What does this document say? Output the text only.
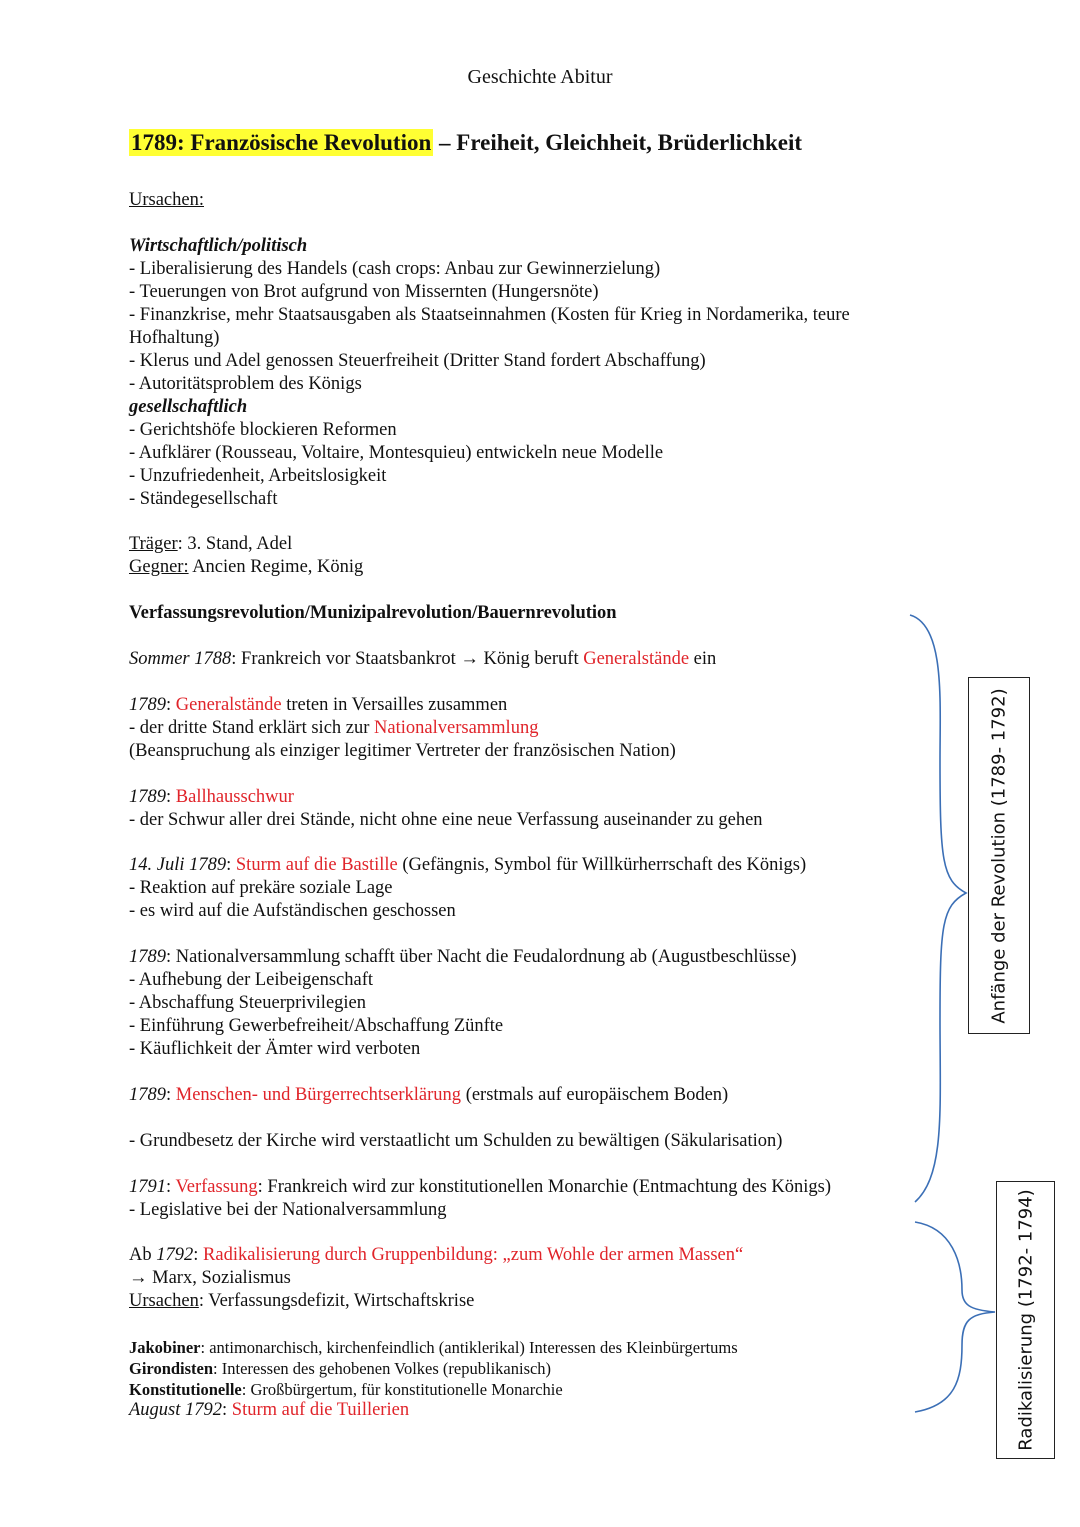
Geschichte Abitur
1789: Französische Revolution – Freiheit, Gleichheit, Brüderlichkeit
Ursachen:
Wirtschaftlich/politisch
- Liberalisierung des Handels (cash crops: Anbau zur Gewinnerzielung)
- Teuerungen von Brot aufgrund von Missernten (Hungersnöte)
- Finanzkrise, mehr Staatsausgaben als Staatseinnahmen (Kosten für Krieg in Nordamerika, teure
Hofhaltung)
- Klerus und Adel genossen Steuerfreiheit (Dritter Stand fordert Abschaffung)
- Autoritätsproblem des Königs
gesellschaftlich
- Gerichtshöfe blockieren Reformen
- Aufklärer (Rousseau, Voltaire, Montesquieu) entwickeln neue Modelle
- Unzufriedenheit, Arbeitslosigkeit
- Ständegesellschaft
Träger: 3. Stand, Adel
Gegner: Ancien Regime, König
Verfassungsrevolution/Munizipalrevolution/Bauernrevolution
Sommer 1788: Frankreich vor Staatsbankrot → König beruft Generalstände ein
1789: Generalstände treten in Versailles zusammen
- der dritte Stand erklärt sich zur Nationalversammlung
(Beanspruchung als einziger legitimer Vertreter der französischen Nation)
1789: Ballhausschwur
- der Schwur aller drei Stände, nicht ohne eine neue Verfassung auseinander zu gehen
14. Juli 1789: Sturm auf die Bastille (Gefängnis, Symbol für Willkürherrschaft des Königs)
- Reaktion auf prekäre soziale Lage
- es wird auf die Aufständischen geschossen
1789: Nationalversammlung schafft über Nacht die Feudalordnung ab (Augustbeschlüsse)
- Aufhebung der Leibeigenschaft
- Abschaffung Steuerprivilegien
- Einführung Gewerbefreiheit/Abschaffung Zünfte
- Käuflichkeit der Ämter wird verboten
1789: Menschen- und Bürgerrechtserklärung (erstmals auf europäischem Boden)
- Grundbesetz der Kirche wird verstaatlicht um Schulden zu bewältigen (Säkularisation)
1791: Verfassung: Frankreich wird zur konstitutionellen Monarchie (Entmachtung des Königs)
- Legislative bei der Nationalversammlung
Ab 1792: Radikalisierung durch Gruppenbildung: „zum Wohle der armen Massen“
→ Marx, Sozialismus
Ursachen: Verfassungsdefizit, Wirtschaftskrise
Jakobiner: antimonarchisch, kirchenfeindlich (antiklerikal) Interessen des Kleinbürgertums
Girondisten: Interessen des gehobenen Volkes (republikanisch)
Konstitutionelle: Großbürgertum, für konstitutionelle Monarchie
August 1792: Sturm auf die Tuillerien
Anfänge der Revolution (1789- 1792)
Radikalisierung (1792- 1794)
